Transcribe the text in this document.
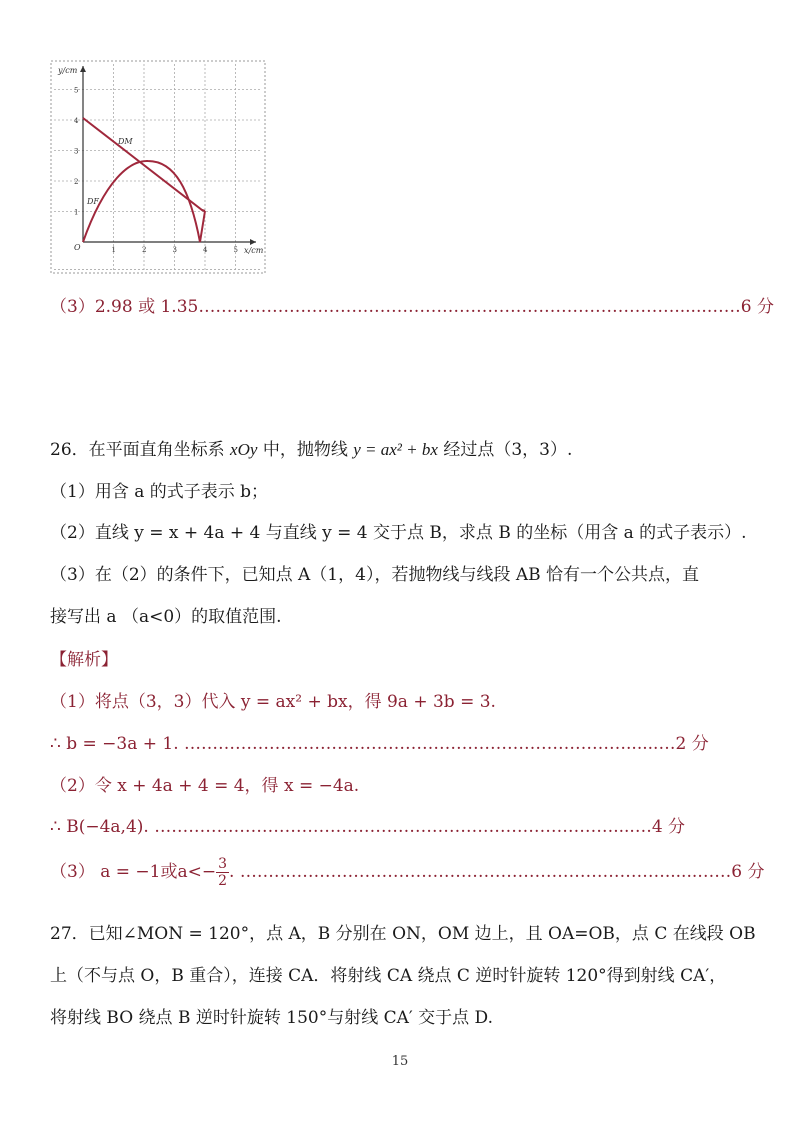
y/cm
x/cm
O	1	2	3	4	5
1
2
3
4
5
DM
DF
（3）2.98 或 1.35…………………………………………………………………………......……6 分
26．在平面直角坐标系 xOy 中，抛物线 y = ax² + bx 经过点（3，3）.
（1）用含 a 的式子表示 b；
（2）直线 y = x + 4a + 4 与直线 y = 4 交于点 B，求点 B 的坐标（用含 a 的式子表示）.
（3）在（2）的条件下，已知点 A（1，4），若抛物线与线段 AB 恰有一个公共点，直
接写出 a （a<0）的取值范围.
【解析】
（1）将点（3，3）代入 y = ax² + bx，得 9a + 3b = 3.
∴ b = −3a + 1. ……………………………………………………………………......…2 分
（2）令 x + 4a + 4 = 4，得 x = −4a.
∴ B(−4a,4). ………………………………………………………………………....…4 分
（3） a = −1或$a<- \frac{3}{2}$ . …………………………………………………………………......……6 分
27．已知∠MON = 120°，点 A，B 分别在 ON，OM 边上，且 OA=OB，点 C 在线段 OB
上（不与点 O，B 重合），连接 CA．将射线 CA 绕点 C 逆时针旋转 120°得到射线 CA′，
将射线 BO 绕点 B 逆时针旋转 150°与射线 CA′ 交于点 D.
15
